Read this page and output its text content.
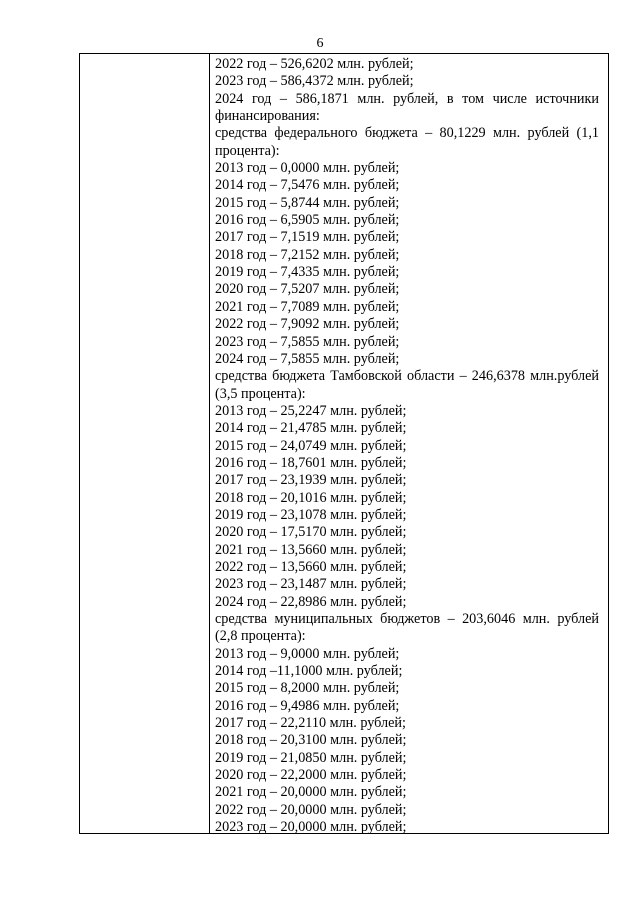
6
2022 год – 526,6202 млн. рублей;
2023 год – 586,4372 млн. рублей;
2024 год – 586,1871 млн. рублей, в том числе источники финансирования:
средства федерального бюджета – 80,1229 млн. рублей (1,1 процента):
2013 год – 0,0000 млн. рублей;
2014 год – 7,5476 млн. рублей;
2015 год – 5,8744 млн. рублей;
2016 год – 6,5905 млн. рублей;
2017 год – 7,1519 млн. рублей;
2018 год – 7,2152 млн. рублей;
2019 год – 7,4335 млн. рублей;
2020 год – 7,5207 млн. рублей;
2021 год – 7,7089 млн. рублей;
2022 год – 7,9092 млн. рублей;
2023 год – 7,5855 млн. рублей;
2024 год – 7,5855 млн. рублей;
средства бюджета Тамбовской области – 246,6378 млн.рублей (3,5 процента):
2013 год – 25,2247 млн. рублей;
2014 год – 21,4785 млн. рублей;
2015 год – 24,0749 млн. рублей;
2016 год – 18,7601 млн. рублей;
2017 год – 23,1939 млн. рублей;
2018 год – 20,1016 млн. рублей;
2019 год – 23,1078 млн. рублей;
2020 год – 17,5170 млн. рублей;
2021 год – 13,5660 млн. рублей;
2022 год – 13,5660 млн. рублей;
2023 год – 23,1487 млн. рублей;
2024 год – 22,8986 млн. рублей;
средства муниципальных бюджетов – 203,6046 млн. рублей (2,8 процента):
2013 год – 9,0000 млн. рублей;
2014 год –11,1000 млн. рублей;
2015 год – 8,2000 млн. рублей;
2016 год – 9,4986 млн. рублей;
2017 год – 22,2110 млн. рублей;
2018 год – 20,3100 млн. рублей;
2019 год – 21,0850 млн. рублей;
2020 год – 22,2000 млн. рублей;
2021 год – 20,0000 млн. рублей;
2022 год – 20,0000 млн. рублей;
2023 год – 20,0000 млн. рублей;
